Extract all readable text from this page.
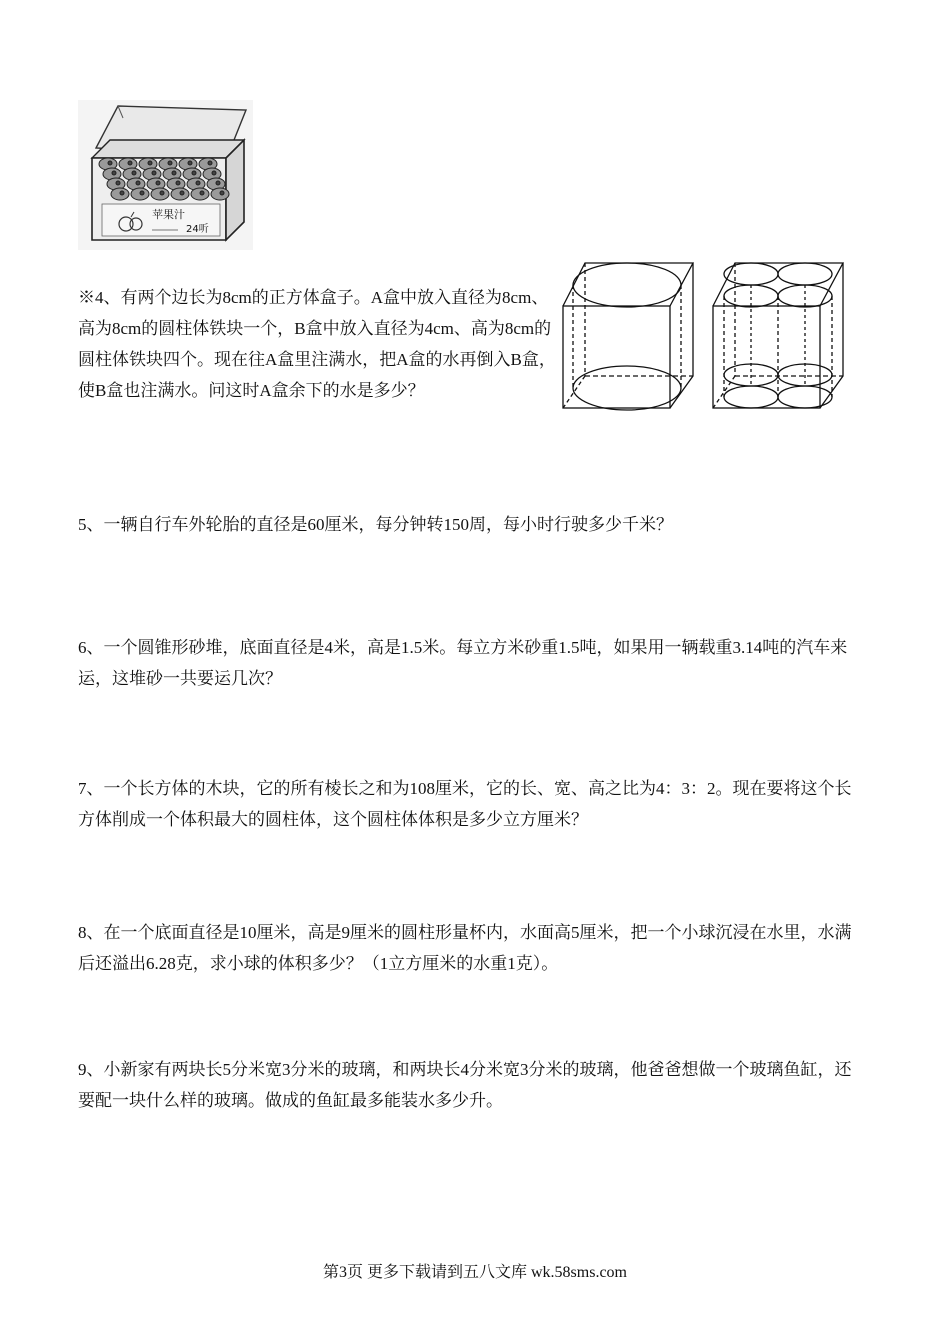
苹果汁
24听

※4、有两个边长为8cm的正方体盒子。A盒中放入直径为8cm、高为8cm的圆柱体铁块一个，B盒中放入直径为4cm、高为8cm的圆柱体铁块四个。现在往A盒里注满水，把A盒的水再倒入B盒，使B盒也注满水。问这时A盒余下的水是多少？

5、一辆自行车外轮胎的直径是60厘米，每分钟转150周，每小时行驶多少千米？

6、一个圆锥形砂堆，底面直径是4米，高是1.5米。每立方米砂重1.5吨，如果用一辆载重3.14吨的汽车来运，这堆砂一共要运几次？

7、一个长方体的木块，它的所有棱长之和为108厘米，它的长、宽、高之比为4：3：2。现在要将这个长方体削成一个体积最大的圆柱体，这个圆柱体体积是多少立方厘米？

8、在一个底面直径是10厘米，高是9厘米的圆柱形量杯内，水面高5厘米，把一个小球沉浸在水里，水满后还溢出6.28克，求小球的体积多少？（1立方厘米的水重1克）。

9、小新家有两块长5分米宽3分米的玻璃，和两块长4分米宽3分米的玻璃，他爸爸想做一个玻璃鱼缸，还要配一块什么样的玻璃。做成的鱼缸最多能装水多少升。

第3页 更多下载请到五八文库 wk.58sms.com
